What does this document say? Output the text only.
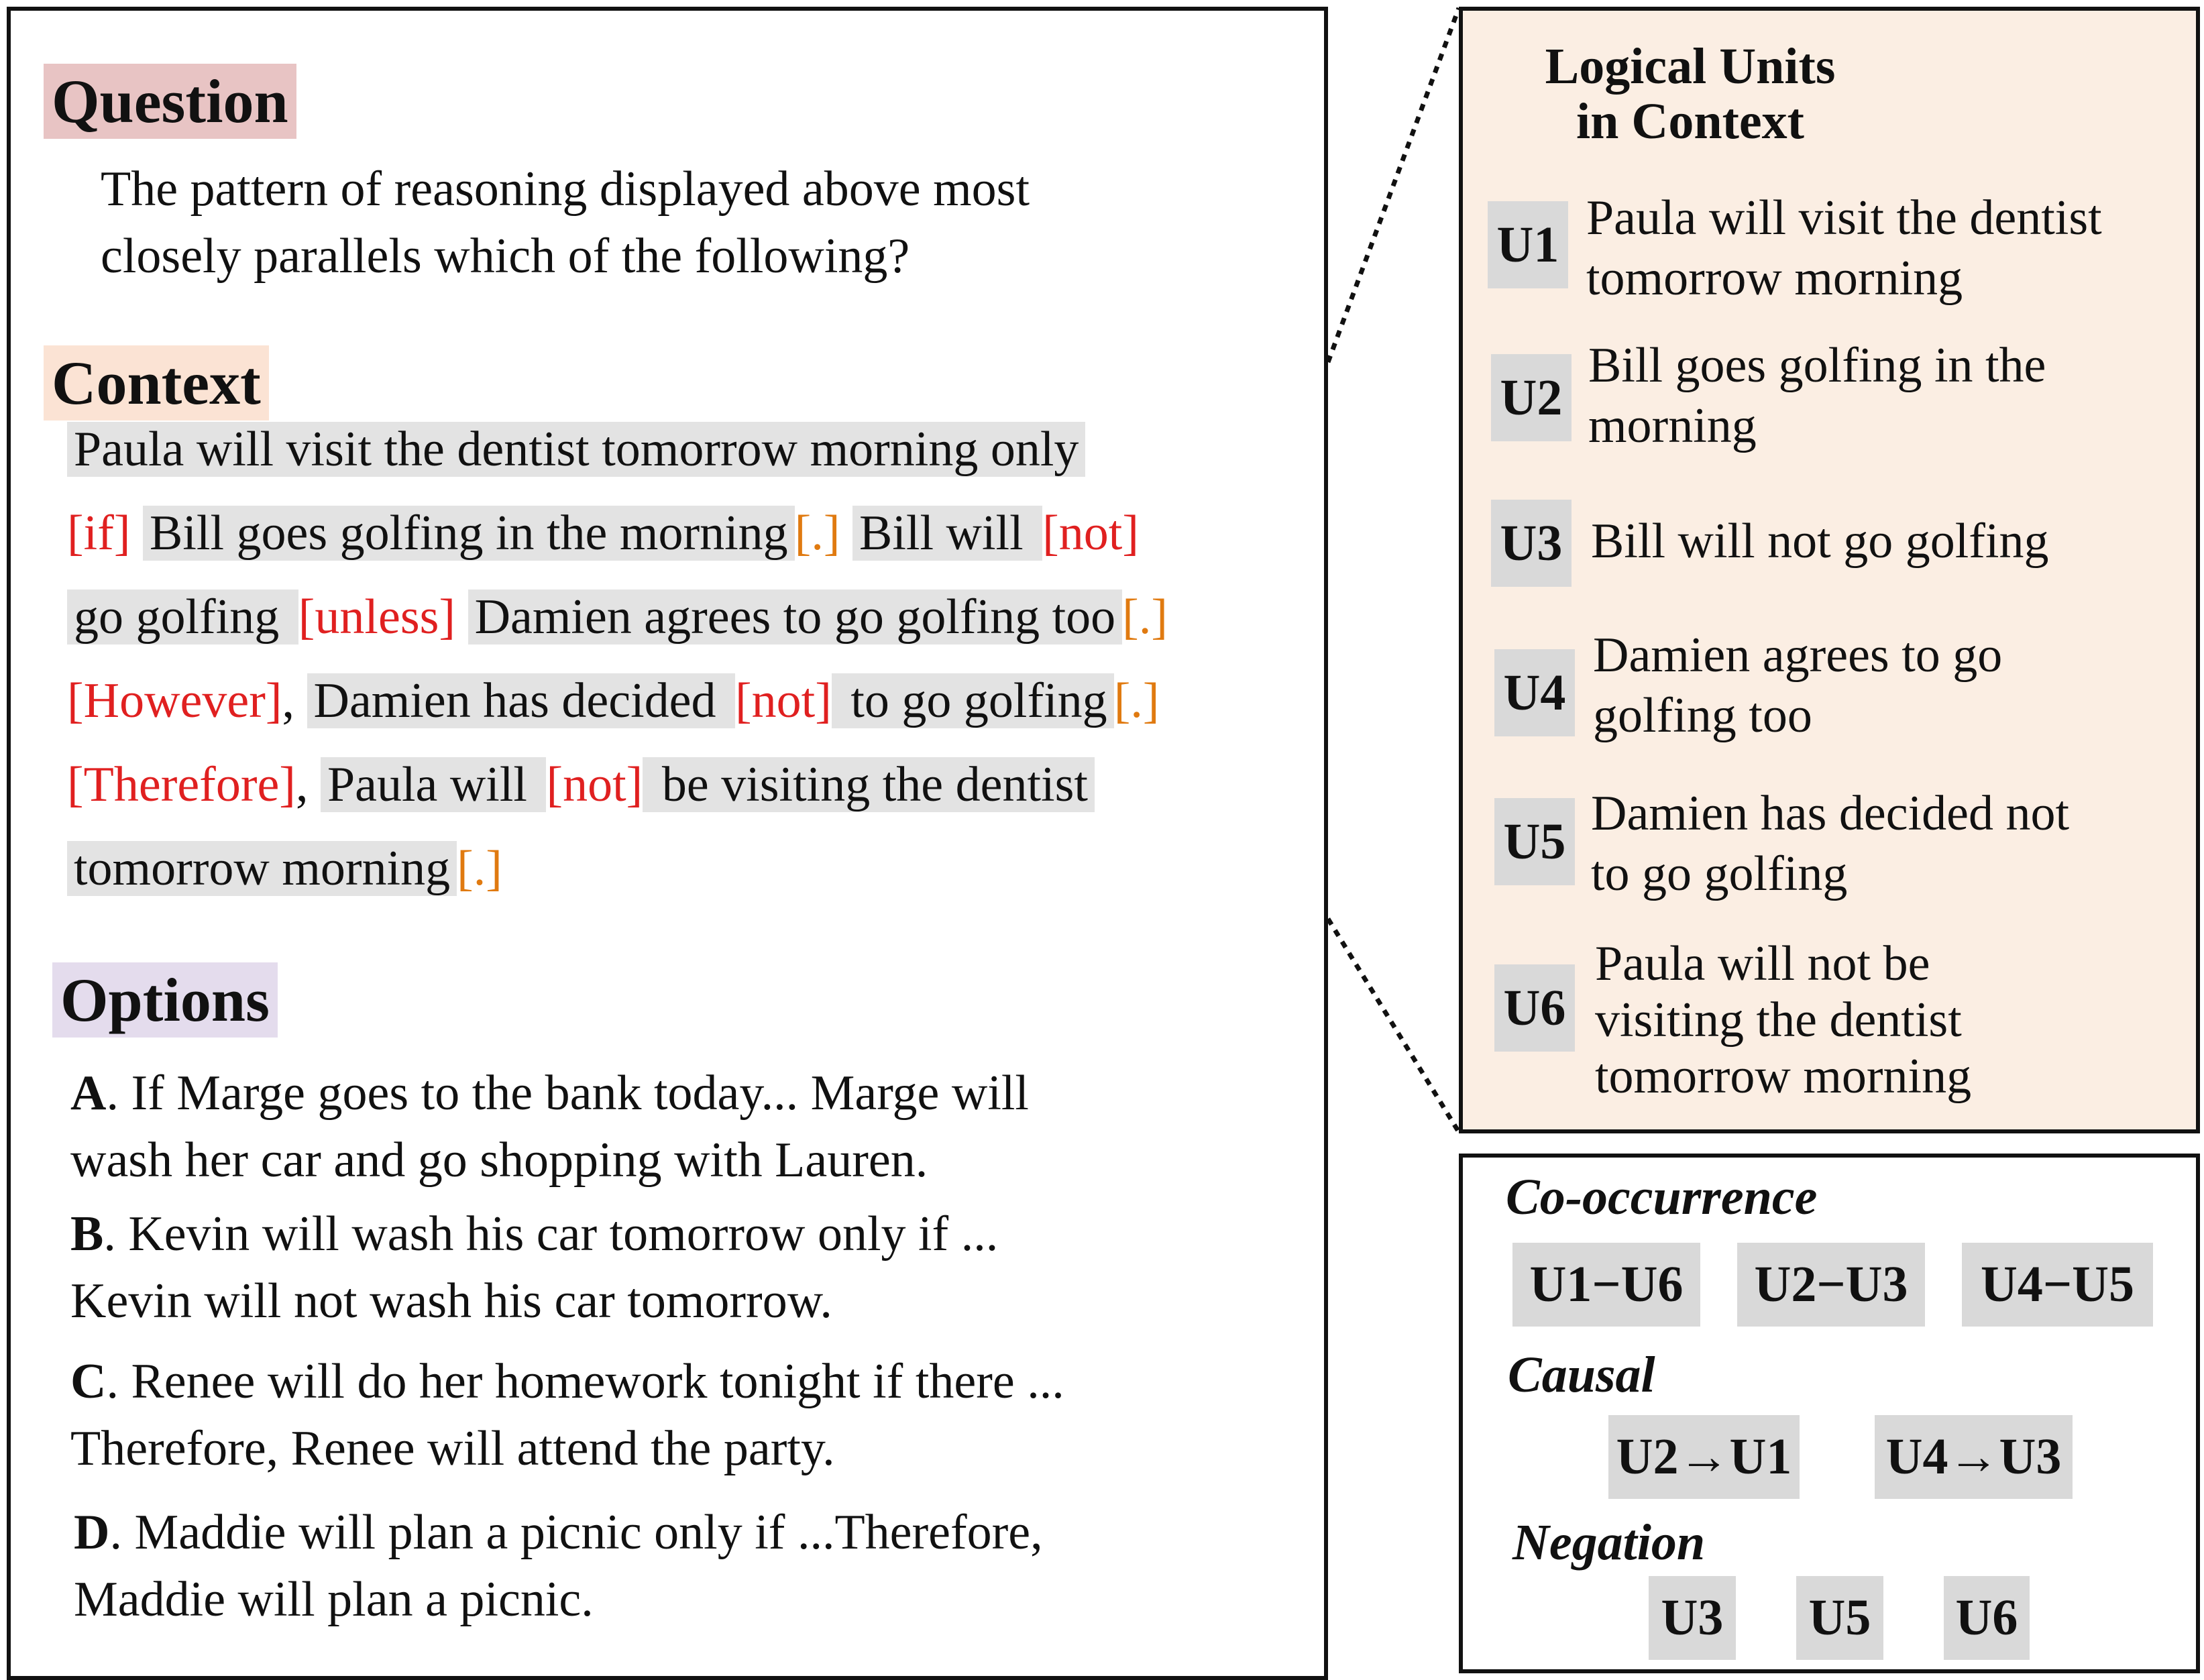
Question
The pattern of reasoning displayed above most
closely parallels which of the following?
Context
Paula will visit the dentist tomorrow morning only
[if] Bill goes golfing in the morning [.] Bill will [not]
go golfing [unless] Damien agrees to go golfing too [.]
[However], Damien has decided [not] to go golfing [.]
[Therefore], Paula will [not] be visiting the dentist
tomorrow morning [.]
Options
A. If Marge goes to the bank today... Marge will
wash her car and go shopping with Lauren.
B. Kevin will wash his car tomorrow only if ...
Kevin will not wash his car tomorrow.
C. Renee will do her homework tonight if there ...
Therefore, Renee will attend the party.
D. Maddie will plan a picnic only if ...Therefore,
Maddie will plan a picnic.
Logical Units
in Context
U1 Paula will visit the dentist
tomorrow morning
U2
Bill goes golfing in the
morning
U3 Bill will not go golfing
U4
Damien agrees to go
golfing too
U5 Damien has decided not
to go golfing
U6
Paula will not be
visiting the dentist
tomorrow morning
Co-occurrence
U1−U6	U2−U3	U4−U5
Causal
U2→U1 U4→U3
Negation
U3 U5 U6
